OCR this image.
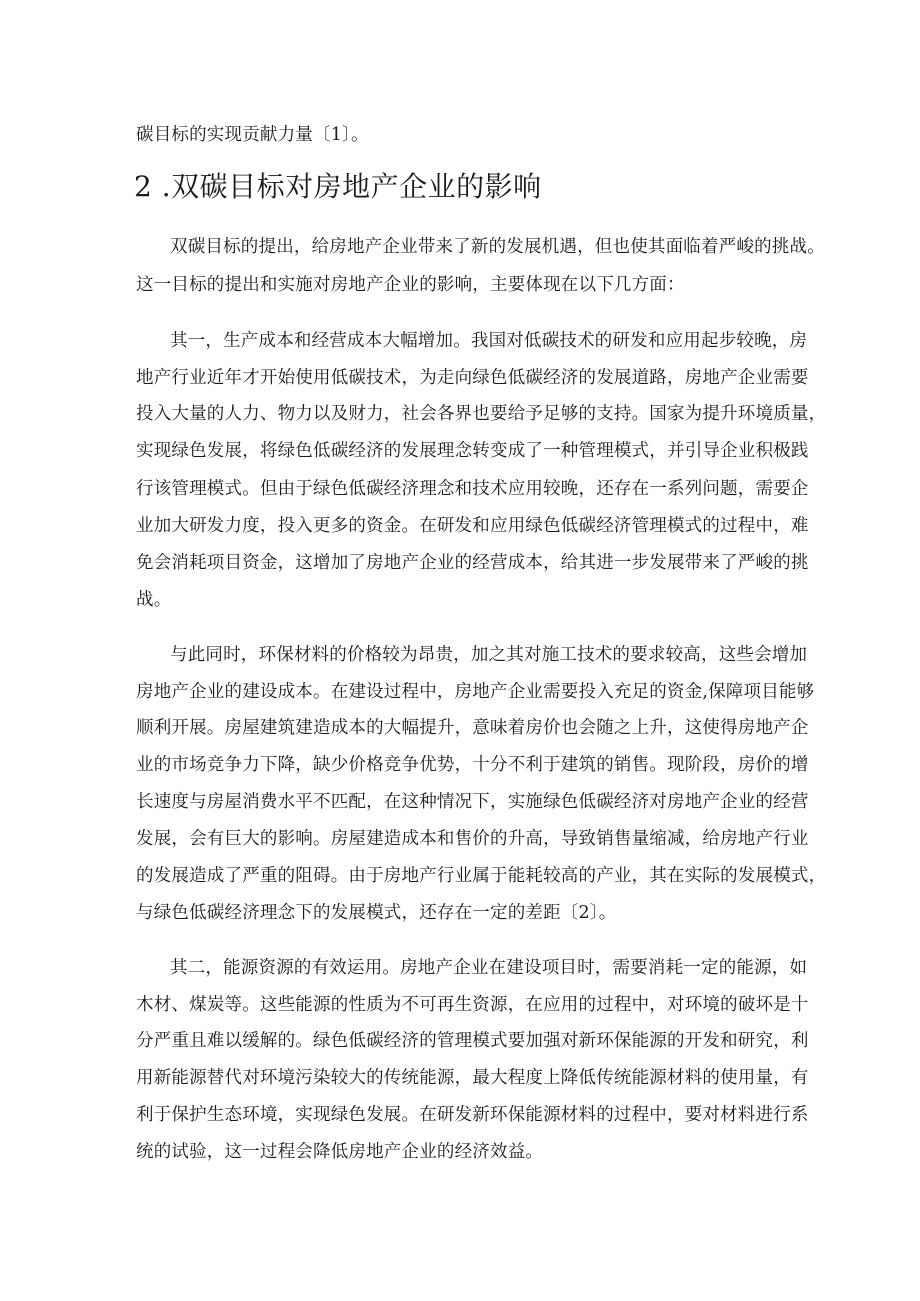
碳目标的实现贡献力量〔1〕。
2 .双碳目标对房地产企业的影响
双碳目标的提出，给房地产企业带来了新的发展机遇，但也使其面临着严峻的挑战。
这一目标的提出和实施对房地产企业的影响，主要体现在以下几方面：
其一，生产成本和经营成本大幅增加。我国对低碳技术的研发和应用起步较晚，房
地产行业近年才开始使用低碳技术，为走向绿色低碳经济的发展道路，房地产企业需要
投入大量的人力、物力以及财力，社会各界也要给予足够的支持。国家为提升环境质量，
实现绿色发展，将绿色低碳经济的发展理念转变成了一种管理模式，并引导企业积极践
行该管理模式。但由于绿色低碳经济理念和技术应用较晚，还存在一系列问题，需要企
业加大研发力度，投入更多的资金。在研发和应用绿色低碳经济管理模式的过程中，难
免会消耗项目资金，这增加了房地产企业的经营成本，给其进一步发展带来了严峻的挑
战。
与此同时，环保材料的价格较为昂贵，加之其对施工技术的要求较高，这些会增加
房地产企业的建设成本。在建设过程中，房地产企业需要投入充足的资金,保障项目能够
顺利开展。房屋建筑建造成本的大幅提升，意味着房价也会随之上升，这使得房地产企
业的市场竞争力下降，缺少价格竞争优势，十分不利于建筑的销售。现阶段，房价的增
长速度与房屋消费水平不匹配，在这种情况下，实施绿色低碳经济对房地产企业的经营
发展，会有巨大的影响。房屋建造成本和售价的升高，导致销售量缩减，给房地产行业
的发展造成了严重的阻碍。由于房地产行业属于能耗较高的产业，其在实际的发展模式，
与绿色低碳经济理念下的发展模式，还存在一定的差距〔2〕。
其二，能源资源的有效运用。房地产企业在建设项目时，需要消耗一定的能源，如
木材、煤炭等。这些能源的性质为不可再生资源，在应用的过程中，对环境的破坏是十
分严重且难以缓解的。绿色低碳经济的管理模式要加强对新环保能源的开发和研究，利
用新能源替代对环境污染较大的传统能源，最大程度上降低传统能源材料的使用量，有
利于保护生态环境，实现绿色发展。在研发新环保能源材料的过程中，要对材料进行系
统的试验，这一过程会降低房地产企业的经济效益。
